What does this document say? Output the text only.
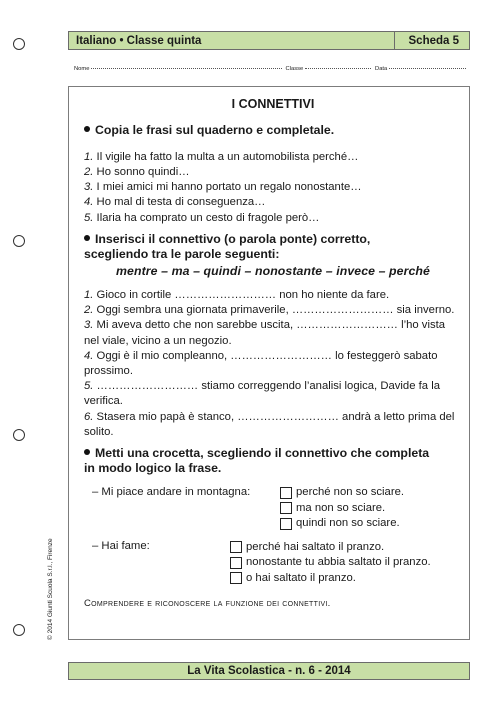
Italiano • Classe quinta	Scheda 5
Nome	Classe	Data
I CONNETTIVI
Copia le frasi sul quaderno e completale.
1. Il vigile ha fatto la multa a un automobilista perché…
2. Ho sonno quindi…
3. I miei amici mi hanno portato un regalo nonostante…
4. Ho mal di testa di conseguenza…
5. Ilaria ha comprato un cesto di fragole però…
Inserisci il connettivo (o parola ponte) corretto,
scegliendo tra le parole seguenti:
mentre – ma – quindi – nonostante – invece – perché
1. Gioco in cortile ……………………… non ho niente da fare.
2. Oggi sembra una giornata primaverile, ……………………… sia inverno.
3. Mi aveva detto che non sarebbe uscita, ……………………… l’ho vista nel viale, vicino a un negozio.
4. Oggi è il mio compleanno, ……………………… lo festeggerò sabato prossimo.
5. ……………………… stiamo correggendo l’analisi logica, Davide fa la verifica.
6. Stasera mio papà è stanco, ……………………… andrà a letto prima del solito.
Metti una crocetta, scegliendo il connettivo che completa
in modo logico la frase.
– Mi piace andare in montagna:	perché non so sciare.
ma non so sciare.
quindi non so sciare.
– Hai fame:	perché hai saltato il pranzo.
nonostante tu abbia saltato il pranzo.
o hai saltato il pranzo.
Comprendere e riconoscere la funzione dei connettivi.
© 2014 Giunti Scuola S.r.l., Firenze
La Vita Scolastica - n. 6 - 2014
